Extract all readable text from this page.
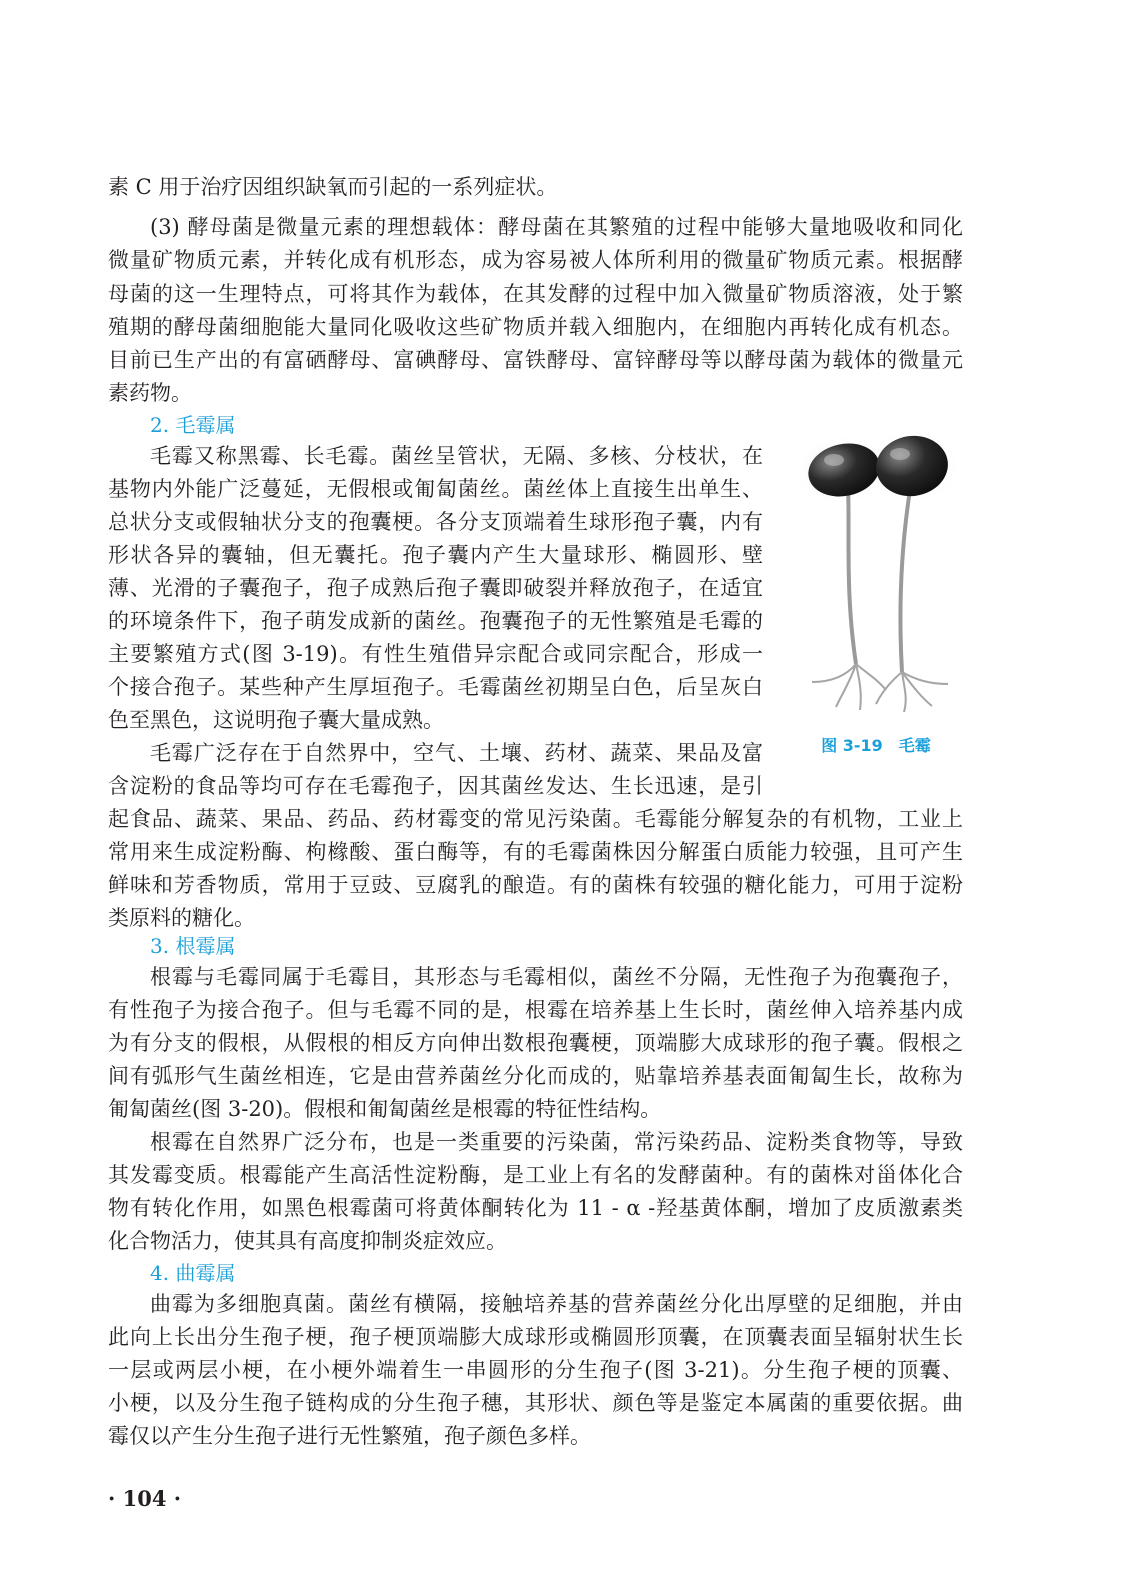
素 C 用于治疗因组织缺氧而引起的一系列症状。
(3) 酵母菌是微量元素的理想载体：酵母菌在其繁殖的过程中能够大量地吸收和同化
微量矿物质元素，并转化成有机形态，成为容易被人体所利用的微量矿物质元素。根据酵
母菌的这一生理特点，可将其作为载体，在其发酵的过程中加入微量矿物质溶液，处于繁
殖期的酵母菌细胞能大量同化吸收这些矿物质并载入细胞内，在细胞内再转化成有机态。
目前已生产出的有富硒酵母、富碘酵母、富铁酵母、富锌酵母等以酵母菌为载体的微量元
素药物。
2. 毛霉属
毛霉又称黑霉、长毛霉。菌丝呈管状，无隔、多核、分枝状，在
基物内外能广泛蔓延，无假根或匍匐菌丝。菌丝体上直接生出单生、
总状分支或假轴状分支的孢囊梗。各分支顶端着生球形孢子囊，内有
形状各异的囊轴，但无囊托。孢子囊内产生大量球形、椭圆形、壁
薄、光滑的子囊孢子，孢子成熟后孢子囊即破裂并释放孢子，在适宜
的环境条件下，孢子萌发成新的菌丝。孢囊孢子的无性繁殖是毛霉的
主要繁殖方式(图 3-19)。有性生殖借异宗配合或同宗配合，形成一
个接合孢子。某些种产生厚垣孢子。毛霉菌丝初期呈白色，后呈灰白
色至黑色，这说明孢子囊大量成熟。
毛霉广泛存在于自然界中，空气、土壤、药材、蔬菜、果品及富
含淀粉的食品等均可存在毛霉孢子，因其菌丝发达、生长迅速，是引
起食品、蔬菜、果品、药品、药材霉变的常见污染菌。毛霉能分解复杂的有机物，工业上
常用来生成淀粉酶、枸橼酸、蛋白酶等，有的毛霉菌株因分解蛋白质能力较强，且可产生
鲜味和芳香物质，常用于豆豉、豆腐乳的酿造。有的菌株有较强的糖化能力，可用于淀粉
类原料的糖化。
图 3-19　毛霉
3. 根霉属
根霉与毛霉同属于毛霉目，其形态与毛霉相似，菌丝不分隔，无性孢子为孢囊孢子，
有性孢子为接合孢子。但与毛霉不同的是，根霉在培养基上生长时，菌丝伸入培养基内成
为有分支的假根，从假根的相反方向伸出数根孢囊梗，顶端膨大成球形的孢子囊。假根之
间有弧形气生菌丝相连，它是由营养菌丝分化而成的，贴靠培养基表面匍匐生长，故称为
匍匐菌丝(图 3-20)。假根和匍匐菌丝是根霉的特征性结构。
根霉在自然界广泛分布，也是一类重要的污染菌，常污染药品、淀粉类食物等，导致
其发霉变质。根霉能产生高活性淀粉酶，是工业上有名的发酵菌种。有的菌株对甾体化合
物有转化作用，如黑色根霉菌可将黄体酮转化为 11 - α -羟基黄体酮，增加了皮质激素类
化合物活力，使其具有高度抑制炎症效应。
4. 曲霉属
曲霉为多细胞真菌。菌丝有横隔，接触培养基的营养菌丝分化出厚壁的足细胞，并由
此向上长出分生孢子梗，孢子梗顶端膨大成球形或椭圆形顶囊，在顶囊表面呈辐射状生长
一层或两层小梗，在小梗外端着生一串圆形的分生孢子(图 3-21)。分生孢子梗的顶囊、
小梗，以及分生孢子链构成的分生孢子穗，其形状、颜色等是鉴定本属菌的重要依据。曲
霉仅以产生分生孢子进行无性繁殖，孢子颜色多样。
· 104 ·
